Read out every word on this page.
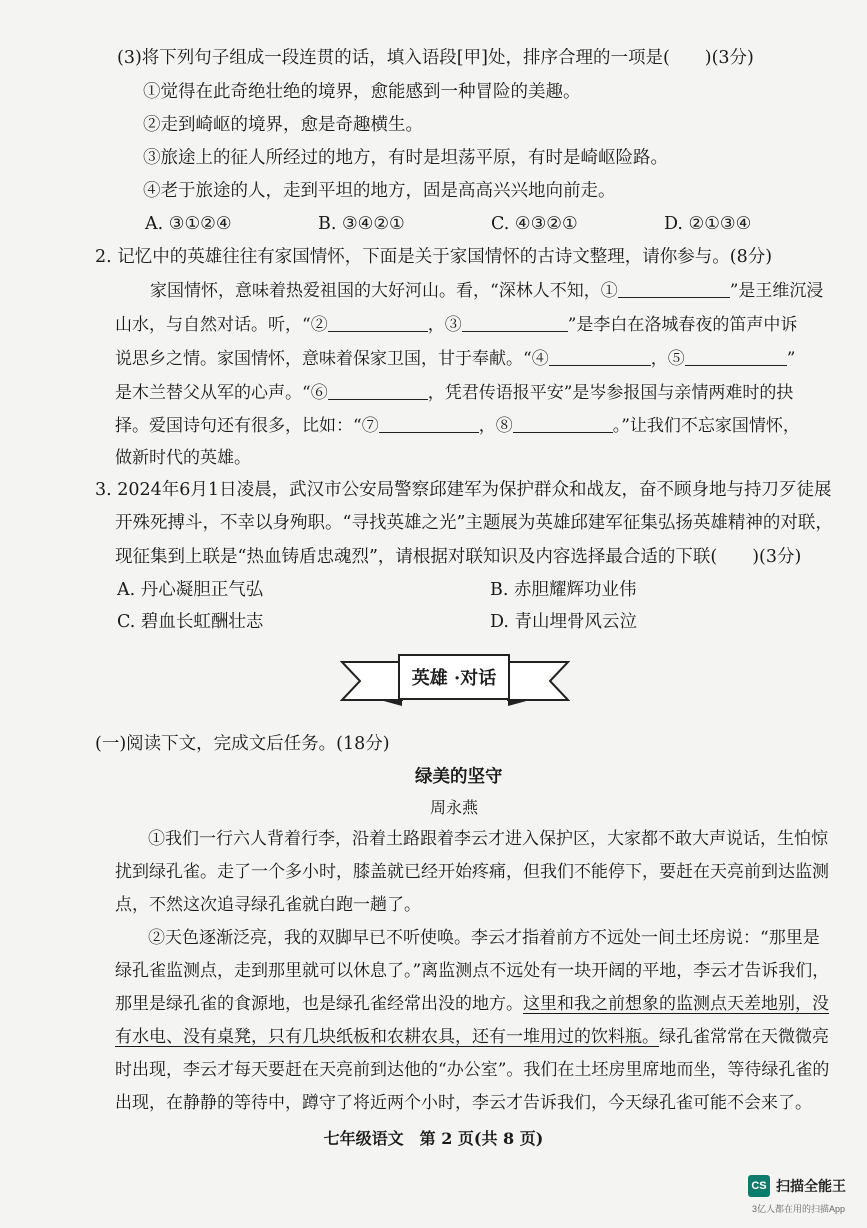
(3)将下列句子组成一段连贯的话，填入语段[甲]处，排序合理的一项是(　　)(3分)
①觉得在此奇绝壮绝的境界，愈能感到一种冒险的美趣。
②走到崎岖的境界，愈是奇趣横生。
③旅途上的征人所经过的地方，有时是坦荡平原，有时是崎岖险路。
④老于旅途的人，走到平坦的地方，固是高高兴兴地向前走。
A. ③①②④	B. ③④②①	C. ④③②①	D. ②①③④
2. 记忆中的英雄往往有家国情怀，下面是关于家国情怀的古诗文整理，请你参与。(8分)
家国情怀，意味着热爱祖国的大好河山。看，“深林人不知，①	”是王维沉浸
山水，与自然对话。听，“②	，③	”是李白在洛城春夜的笛声中诉
说思乡之情。家国情怀，意味着保家卫国，甘于奉献。“④	，⑤	”
是木兰替父从军的心声。“⑥	，凭君传语报平安”是岑参报国与亲情两难时的抉
择。爱国诗句还有很多，比如：“⑦	，⑧	。”让我们不忘家国情怀，
做新时代的英雄。
3. 2024年6月1日凌晨，武汉市公安局警察邱建军为保护群众和战友，奋不顾身地与持刀歹徒展
开殊死搏斗，不幸以身殉职。“寻找英雄之光”主题展为英雄邱建军征集弘扬英雄精神的对联，
现征集到上联是“热血铸盾忠魂烈”，请根据对联知识及内容选择最合适的下联(　　)(3分)
A. 丹心凝胆正气弘	B. 赤胆耀辉功业伟
C. 碧血长虹酬壮志	D. 青山埋骨风云泣
英雄 ·对话
(一)阅读下文，完成文后任务。(18分)
绿美的坚守
周永燕
①我们一行六人背着行李，沿着土路跟着李云才进入保护区，大家都不敢大声说话，生怕惊
扰到绿孔雀。走了一个多小时，膝盖就已经开始疼痛，但我们不能停下，要赶在天亮前到达监测
点，不然这次追寻绿孔雀就白跑一趟了。
②天色逐渐泛亮，我的双脚早已不听使唤。李云才指着前方不远处一间土坯房说：“那里是
绿孔雀监测点，走到那里就可以休息了。”离监测点不远处有一块开阔的平地，李云才告诉我们，
那里是绿孔雀的食源地，也是绿孔雀经常出没的地方。这里和我之前想象的监测点天差地别，没
有水电、没有桌凳，只有几块纸板和农耕农具，还有一堆用过的饮料瓶。绿孔雀常常在天微微亮
时出现，李云才每天要赶在天亮前到达他的“办公室”。我们在土坯房里席地而坐，等待绿孔雀的
出现，在静静的等待中，蹲守了将近两个小时，李云才告诉我们，今天绿孔雀可能不会来了。
七年级语文　第 2 页(共 8 页)
CS 扫描全能王
3亿人都在用的扫描App
